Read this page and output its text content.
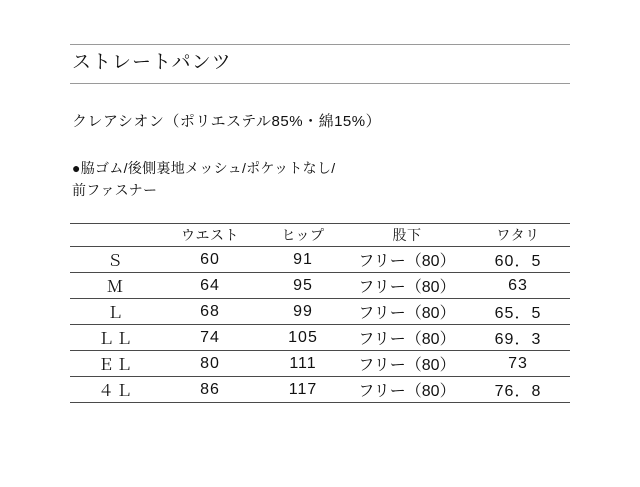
ストレートパンツ
クレアシオン（ポリエステル85%・綿15%）
●脇ゴム/後側裏地メッシュ/ポケットなし/
前ファスナー
	ウエスト	ヒップ	股下	ワタリ
Ｓ	60	91	フリー（80）	60．5
Ｍ	64	95	フリー（80）	63
Ｌ	68	99	フリー（80）	65．5
ＬＬ	74	105	フリー（80）	69．3
ＥＬ	80	111	フリー（80）	73
４Ｌ	86	117	フリー（80）	76．8
